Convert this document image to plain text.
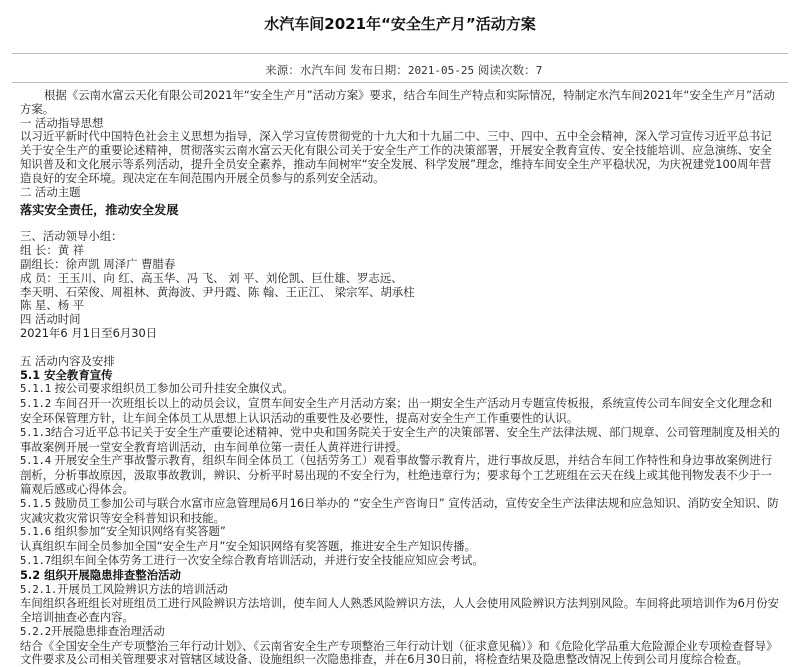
水汽车间2021年“安全生产月”活动方案
来源：水汽车间 发布日期：2021-05-25 阅读次数：7

根据《云南水富云天化有限公司2021年“安全生产月”活动方案》要求，结合车间生产特点和实际情况，特制定水汽车间2021年“安全生产月”活动方案。

一 活动指导思想

以习近平新时代中国特色社会主义思想为指导，深入学习宣传贯彻党的十九大和十九届二中、三中、四中、五中全会精神，深入学习宣传习近平总书记关于安全生产的重要论述精神，贯彻落实云南水富云天化有限公司关于安全生产工作的决策部署，开展安全教育宣传、安全技能培训、应急演练、安全知识普及和文化展示等系列活动，提升全员安全素养，推动车间树牢“安全发展、科学发展”理念，维持车间安全生产平稳状况，为庆祝建党100周年营造良好的安全环境。现决定在车间范围内开展全员参与的系列安全活动。

二 活动主题

落实安全责任，推动安全发展

三、活动领导小组：

组 长：黄 祥

副组长：徐声凯 周泽广 曹腊春

成 员：王玉川、向 红、高玉华、冯 飞、 刘 平、刘伦凯、巨仕雄、罗志远、

李天明、石荣俊、周祖林、黄海波、尹丹霞、陈 翰、王正江、 梁宗军、胡承柱

陈 星、杨 平

四 活动时间

2021年6 月1日至6月30日

五 活动内容及安排

5.1 安全教育宣传

5.1.1 按公司要求组织员工参加公司升挂安全旗仪式。

5.1.2 车间召开一次班组长以上的动员会议，宣贯车间安全生产月活动方案；出一期安全生产活动月专题宣传板报，系统宣传公司车间安全文化理念和安全环保管理方针，让车间全体员工从思想上认识活动的重要性及必要性，提高对安全生产工作重要性的认识。

5.1.3结合习近平总书记关于安全生产重要论述精神、党中央和国务院关于安全生产的决策部署、安全生产法律法规、部门规章、公司管理制度及相关的事故案例开展一堂安全教育培训活动，由车间单位第一责任人黄祥进行讲授。

5.1.4 开展安全生产事故警示教育，组织车间全体员工（包括劳务工）观看事故警示教育片，进行事故反思，并结合车间工作特性和身边事故案例进行剖析，分析事故原因，汲取事故教训，辨识、分析平时易出现的不安全行为，杜绝违章行为；要求每个工艺班组在云天在线上或其他刊物发表不少于一篇观后感或心得体会。

5.1.5 鼓励员工参加公司与联合水富市应急管理局6月16日举办的 “安全生产咨询日” 宣传活动，宣传安全生产法律法规和应急知识、消防安全知识、防灾减灾救灾常识等安全科普知识和技能。

5.1.6 组织参加“安全知识网络有奖答题”

认真组织车间全员参加全国“安全生产月”安全知识网络有奖答题，推进安全生产知识传播。

5.1.7组织车间全体劳务工进行一次安全综合教育培训活动，并进行安全技能应知应会考试。

5.2 组织开展隐患排查整治活动

5.2.1.开展员工风险辨识方法的培训活动

车间组织各班组长对班组员工进行风险辨识方法培训，使车间人人熟悉风险辨识方法，人人会使用风险辨识方法判别风险。车间将此项培训作为6月份安全培训抽查必查内容。

5.2.2开展隐患排查治理活动

结合《全国安全生产专项整治三年行动计划》、《云南省安全生产专项整治三年行动计划（征求意见稿）》和《危险化学品重大危险源企业专项检查督导》文件要求及公司相关管理要求对管辖区域设备、设施组织一次隐患排查，并在6月30日前，将检查结果及隐患整改情况上传到公司月度综合检查。
